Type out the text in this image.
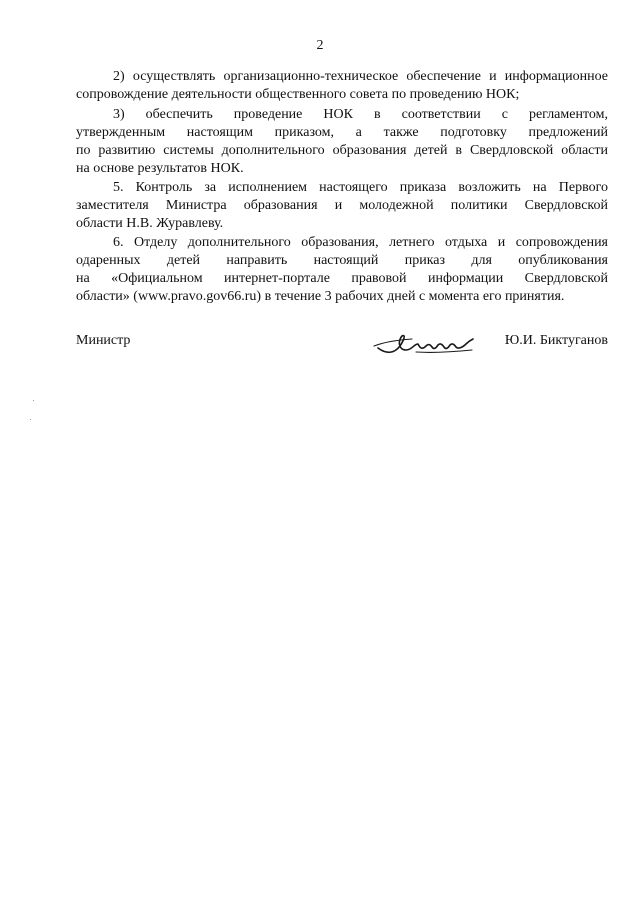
2
2) осуществлять организационно-техническое обеспечение и информационное
сопровождение деятельности общественного совета по проведению НОК;
3) обеспечить проведение НОК в соответствии с регламентом,
утвержденным настоящим приказом, а также подготовку предложений
по развитию системы дополнительного образования детей в Свердловской области
на основе результатов НОК.
5. Контроль за исполнением настоящего приказа возложить на Первого
заместителя Министра образования и молодежной политики Свердловской
области Н.В. Журавлеву.
6. Отделу дополнительного образования, летнего отдыха и сопровождения
одаренных детей направить настоящий приказ для опубликования
на «Официальном интернет-портале правовой информации Свердловской
области» (www.pravo.gov66.ru) в течение 3 рабочих дней с момента его принятия.
Министр	Ю.И. Биктуганов
